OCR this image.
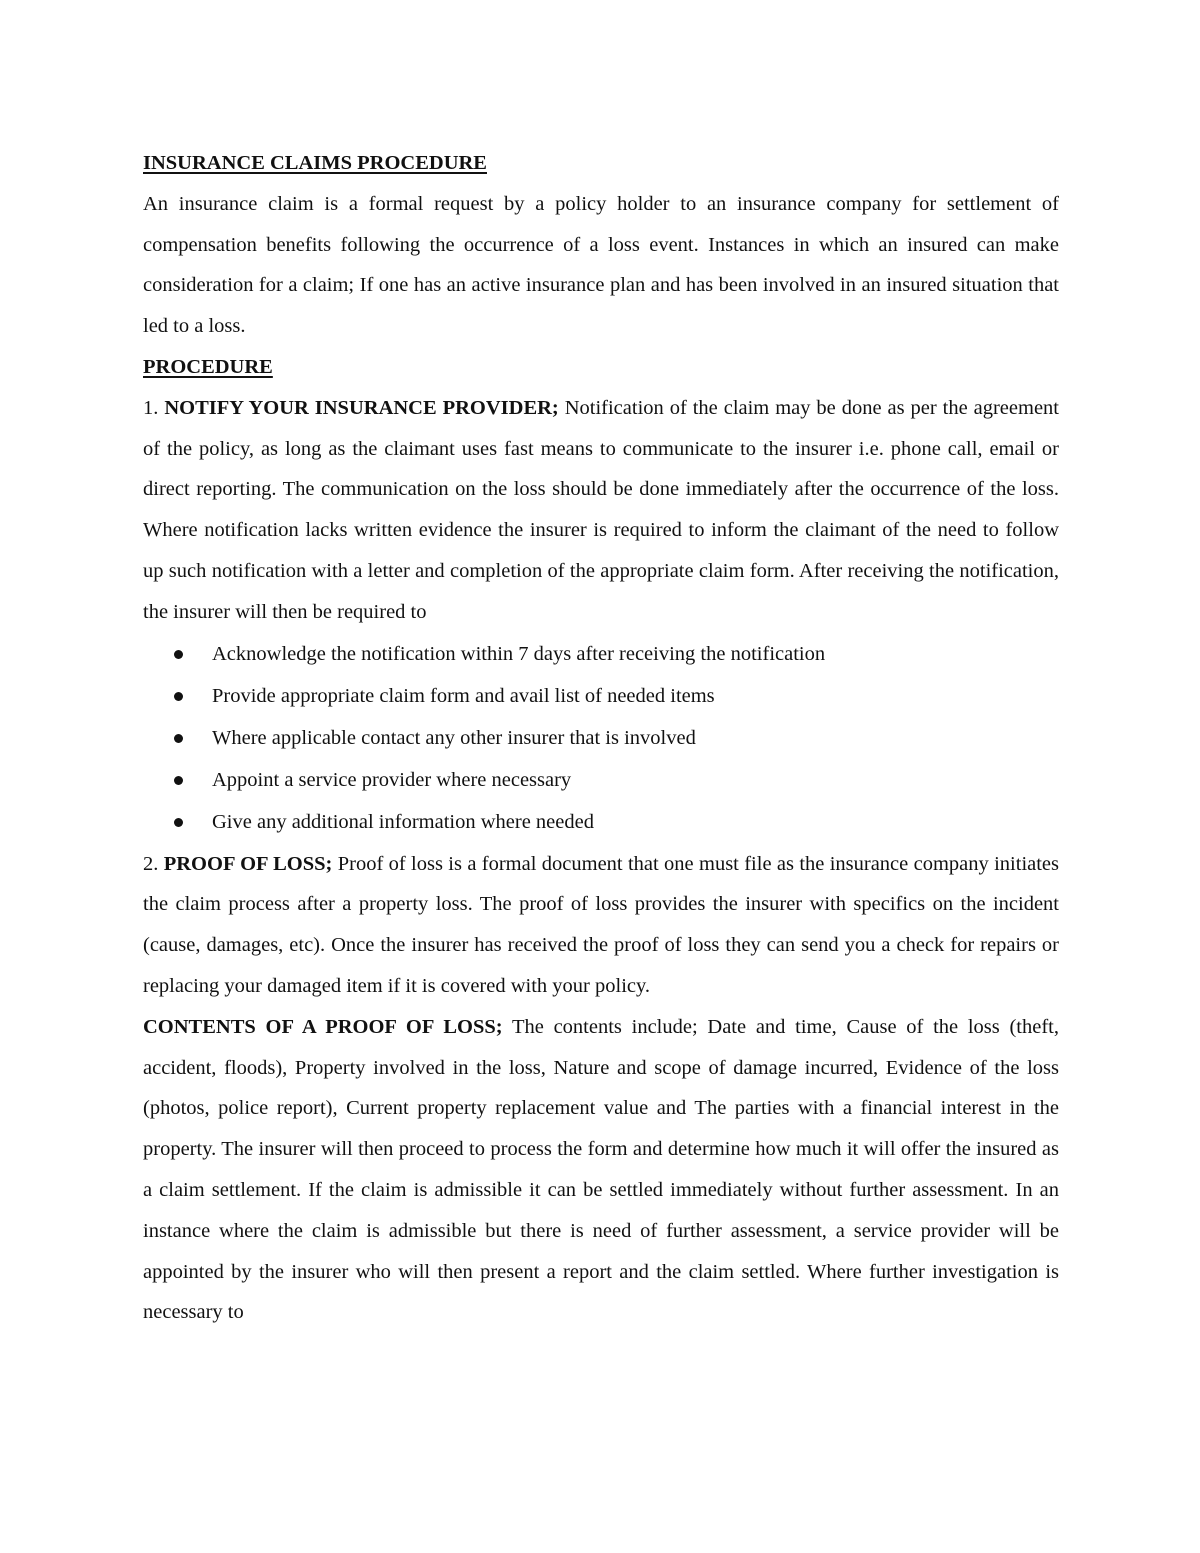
INSURANCE CLAIMS PROCEDURE

An insurance claim is a formal request by a policy holder to an insurance company for settlement of compensation benefits following the occurrence of a loss event. Instances in which an insured can make consideration for a claim; If one has an active insurance plan and has been involved in an insured situation that led to a loss.

PROCEDURE

1. NOTIFY YOUR INSURANCE PROVIDER; Notification of the claim may be done as per the agreement of the policy, as long as the claimant uses fast means to communicate to the insurer i.e. phone call, email or direct reporting. The communication on the loss should be done immediately after the occurrence of the loss. Where notification lacks written evidence the insurer is required to inform the claimant of the need to follow up such notification with a letter and completion of the appropriate claim form. After receiving the notification, the insurer will then be required to

Acknowledge the notification within 7 days after receiving the notification
Provide appropriate claim form and avail list of needed items
Where applicable contact any other insurer that is involved
Appoint a service provider where necessary
Give any additional information where needed

2. PROOF OF LOSS; Proof of loss is a formal document that one must file as the insurance company initiates the claim process after a property loss. The proof of loss provides the insurer with specifics on the incident (cause, damages, etc). Once the insurer has received the proof of loss they can send you a check for repairs or replacing your damaged item if it is covered with your policy.

CONTENTS OF A PROOF OF LOSS; The contents include; Date and time, Cause of the loss (theft, accident, floods), Property involved in the loss, Nature and scope of damage incurred, Evidence of the loss (photos, police report), Current property replacement value and The parties with a financial interest in the property. The insurer will then proceed to process the form and determine how much it will offer the insured as a claim settlement. If the claim is admissible it can be settled immediately without further assessment. In an instance where the claim is admissible but there is need of further assessment, a service provider will be appointed by the insurer who will then present a report and the claim settled. Where further investigation is necessary to
